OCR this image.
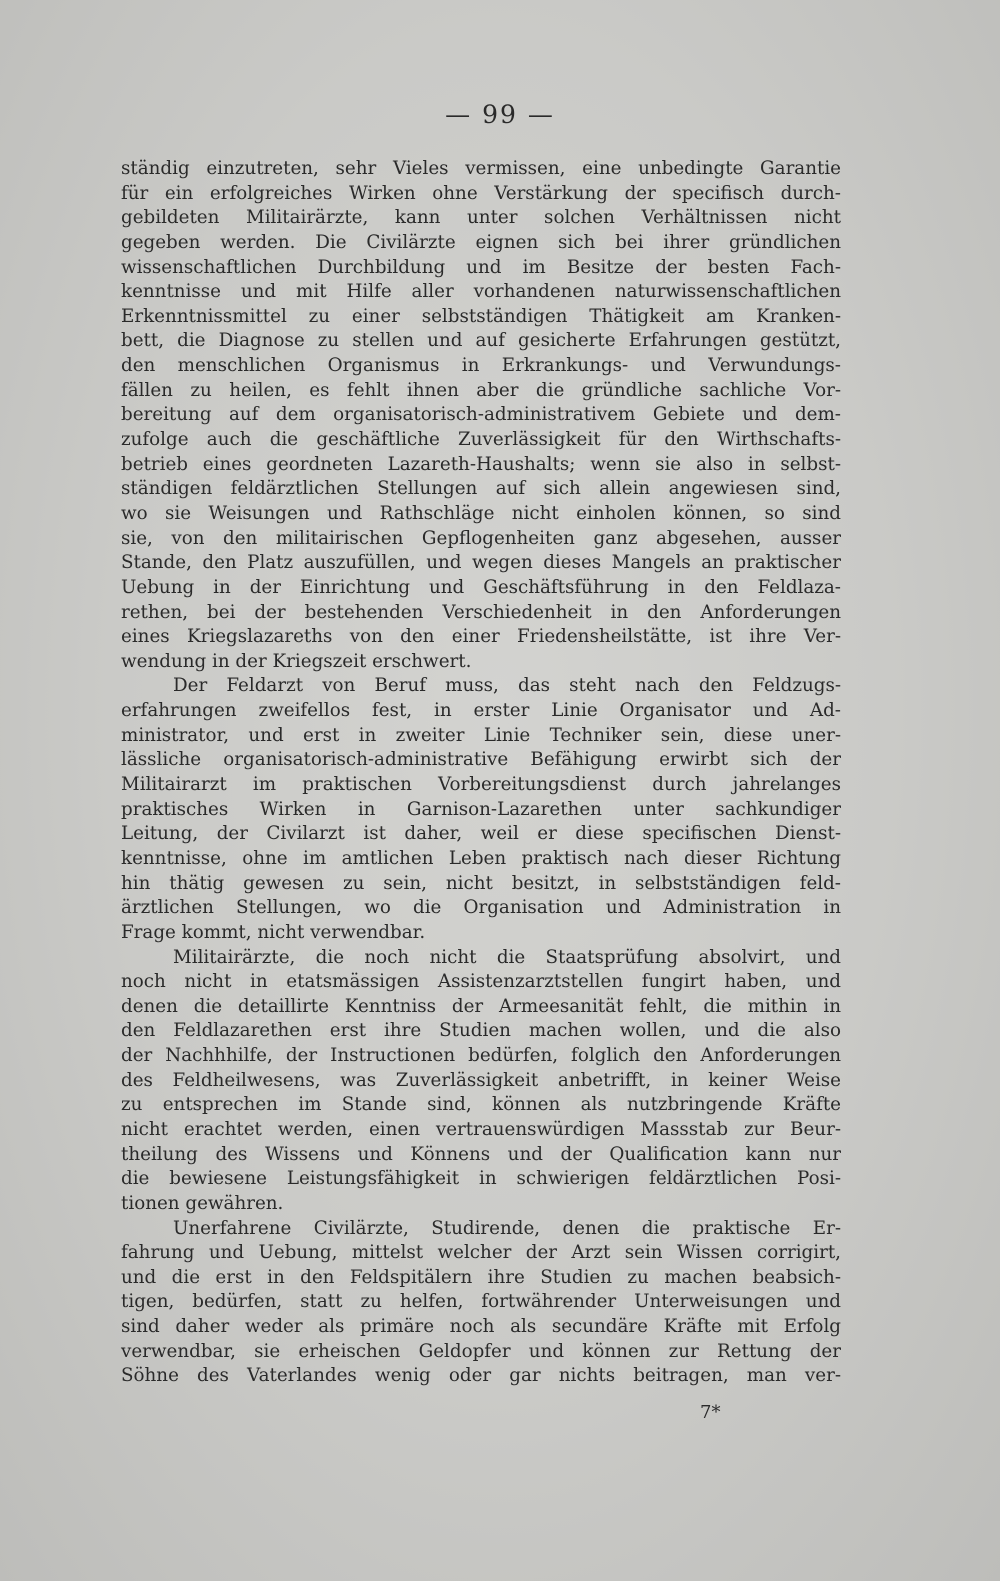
— 99 —

ständig einzutreten, sehr Vieles vermissen, eine unbedingte Garantie
für ein erfolgreiches Wirken ohne Verstärkung der specifisch durch-
gebildeten Militairärzte, kann unter solchen Verhältnissen nicht
gegeben werden. Die Civilärzte eignen sich bei ihrer gründlichen
wissenschaftlichen Durchbildung und im Besitze der besten Fach-
kenntnisse und mit Hilfe aller vorhandenen naturwissenschaftlichen
Erkenntnissmittel zu einer selbstständigen Thätigkeit am Kranken-
bett, die Diagnose zu stellen und auf gesicherte Erfahrungen gestützt,
den menschlichen Organismus in Erkrankungs- und Verwundungs-
fällen zu heilen, es fehlt ihnen aber die gründliche sachliche Vor-
bereitung auf dem organisatorisch-administrativem Gebiete und dem-
zufolge auch die geschäftliche Zuverlässigkeit für den Wirthschafts-
betrieb eines geordneten Lazareth-Haushalts; wenn sie also in selbst-
ständigen feldärztlichen Stellungen auf sich allein angewiesen sind,
wo sie Weisungen und Rathschläge nicht einholen können, so sind
sie, von den militairischen Gepflogenheiten ganz abgesehen, ausser
Stande, den Platz auszufüllen, und wegen dieses Mangels an praktischer
Uebung in der Einrichtung und Geschäftsführung in den Feldlaza-
rethen, bei der bestehenden Verschiedenheit in den Anforderungen
eines Kriegslazareths von den einer Friedensheilstätte, ist ihre Ver-
wendung in der Kriegszeit erschwert.

Der Feldarzt von Beruf muss, das steht nach den Feldzugs-
erfahrungen zweifellos fest, in erster Linie Organisator und Ad-
ministrator, und erst in zweiter Linie Techniker sein, diese uner-
lässliche organisatorisch-administrative Befähigung erwirbt sich der
Militairarzt im praktischen Vorbereitungsdienst durch jahrelanges
praktisches Wirken in Garnison-Lazarethen unter sachkundiger
Leitung, der Civilarzt ist daher, weil er diese specifischen Dienst-
kenntnisse, ohne im amtlichen Leben praktisch nach dieser Richtung
hin thätig gewesen zu sein, nicht besitzt, in selbstständigen feld-
ärztlichen Stellungen, wo die Organisation und Administration in
Frage kommt, nicht verwendbar.

Militairärzte, die noch nicht die Staatsprüfung absolvirt, und
noch nicht in etatsmässigen Assistenzarztstellen fungirt haben, und
denen die detaillirte Kenntniss der Armeesanität fehlt, die mithin in
den Feldlazarethen erst ihre Studien machen wollen, und die also
der Nachhhilfe, der Instructionen bedürfen, folglich den Anforderungen
des Feldheilwesens, was Zuverlässigkeit anbetrifft, in keiner Weise
zu entsprechen im Stande sind, können als nutzbringende Kräfte
nicht erachtet werden, einen vertrauenswürdigen Massstab zur Beur-
theilung des Wissens und Könnens und der Qualification kann nur
die bewiesene Leistungsfähigkeit in schwierigen feldärztlichen Posi-
tionen gewähren.

Unerfahrene Civilärzte, Studirende, denen die praktische Er-
fahrung und Uebung, mittelst welcher der Arzt sein Wissen corrigirt,
und die erst in den Feldspitälern ihre Studien zu machen beabsich-
tigen, bedürfen, statt zu helfen, fortwährender Unterweisungen und
sind daher weder als primäre noch als secundäre Kräfte mit Erfolg
verwendbar, sie erheischen Geldopfer und können zur Rettung der
Söhne des Vaterlandes wenig oder gar nichts beitragen, man ver-

7*
